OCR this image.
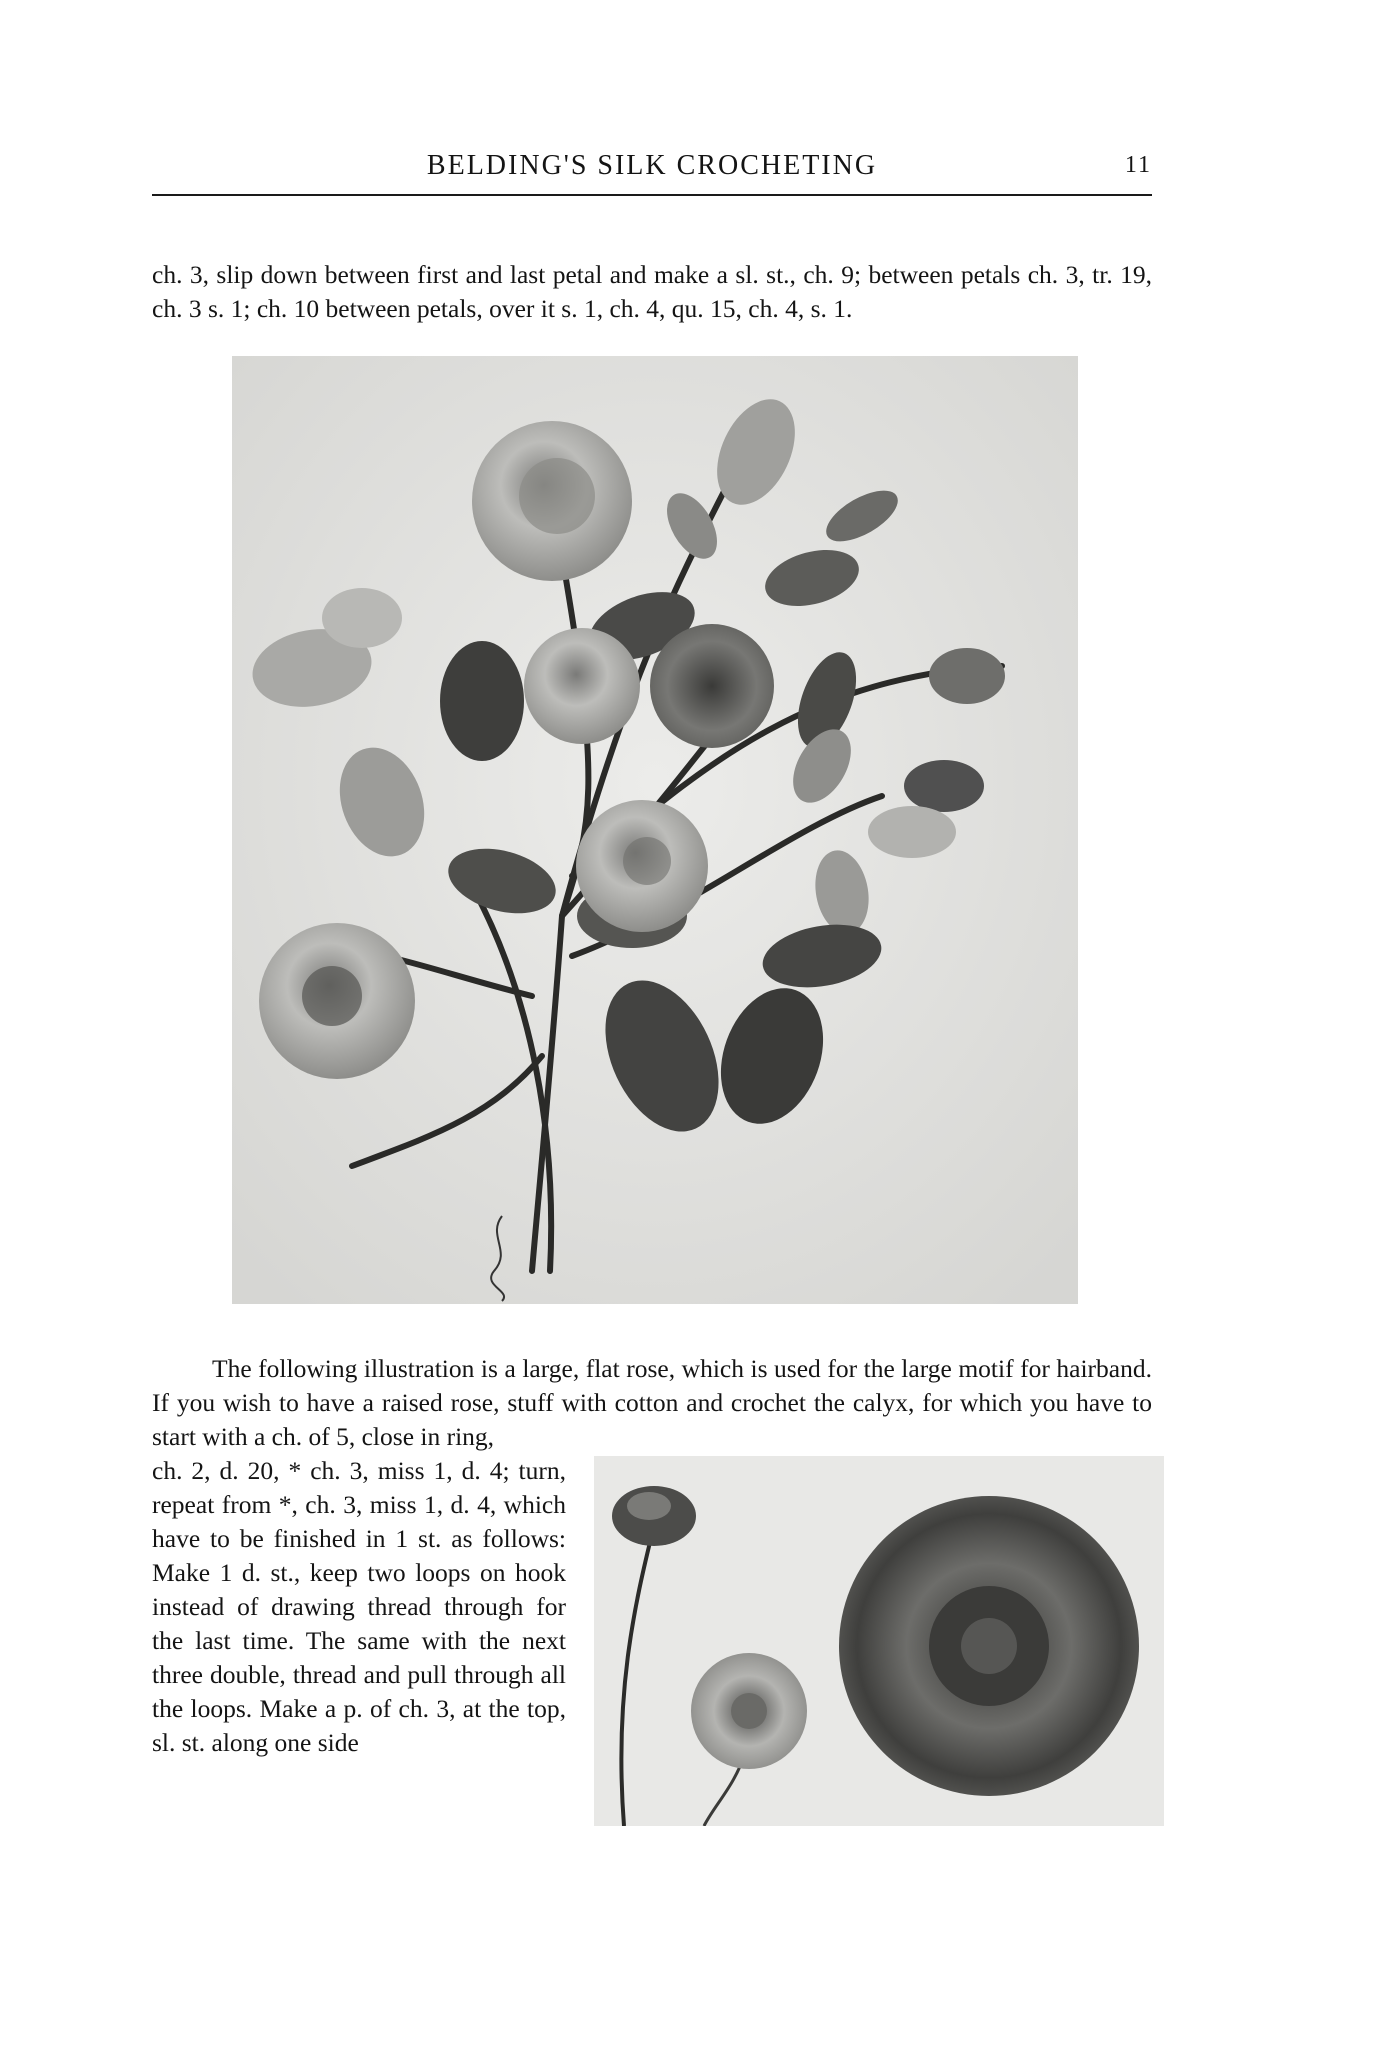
BELDING'S SILK CROCHETING	11

ch. 3, slip down between first and last petal and make a sl. st., ch. 9; between petals ch. 3, tr. 19, ch. 3 s. 1; ch. 10 between petals, over it s. 1, ch. 4, qu. 15, ch. 4, s. 1.

The following illustration is a large, flat rose, which is used for the large motif for hairband. If you wish to have a raised rose, stuff with cotton and crochet the calyx, for which you have to start with a ch. of 5, close in ring,

ch. 2, d. 20, * ch. 3, miss 1, d. 4; turn, repeat from *, ch. 3, miss 1, d. 4, which have to be finished in 1 st. as follows: Make 1 d. st., keep two loops on hook instead of drawing thread through for the last time. The same with the next three double, thread and pull through all the loops. Make a p. of ch. 3, at the top, sl. st. along one side
